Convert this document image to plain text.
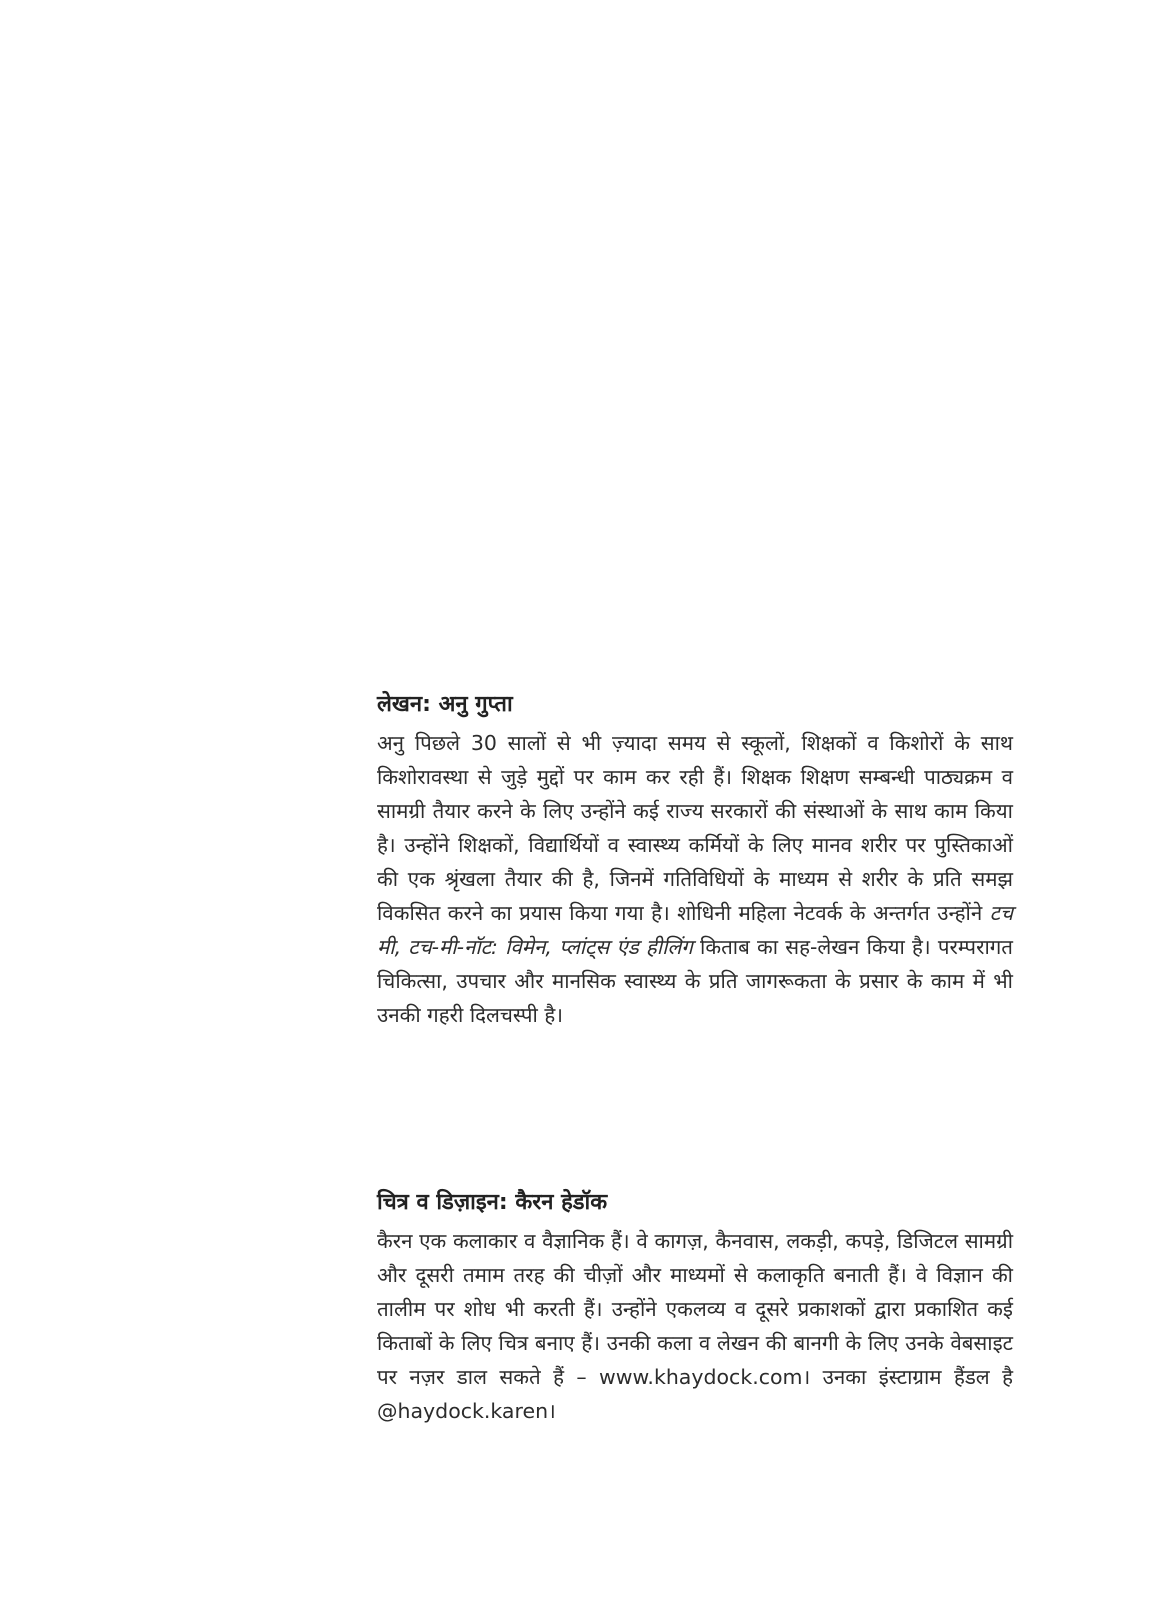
लेखन: अनु गुप्ता

अनु पिछले 30 सालों से भी ज़्यादा समय से स्कूलों, शिक्षकों व किशोरों के साथ किशोरावस्था से जुड़े मुद्दों पर काम कर रही हैं। शिक्षक शिक्षण सम्बन्धी पाठ्यक्रम व सामग्री तैयार करने के लिए उन्होंने कई राज्य सरकारों की संस्थाओं के साथ काम किया है। उन्होंने शिक्षकों, विद्यार्थियों व स्वास्थ्य कर्मियों के लिए मानव शरीर पर पुस्तिकाओं की एक श्रृंखला तैयार की है, जिनमें गतिविधियों के माध्यम से शरीर के प्रति समझ विकसित करने का प्रयास किया गया है। शोधिनी महिला नेटवर्क के अन्तर्गत उन्होंने टच मी, टच-मी-नॉट: विमेन, प्लांट्स एंड हीलिंग किताब का सह-लेखन किया है। परम्परागत चिकित्सा, उपचार और मानसिक स्वास्थ्य के प्रति जागरूकता के प्रसार के काम में भी उनकी गहरी दिलचस्पी है।

चित्र व डिज़ाइन: कैरन हेडॉक

कैरन एक कलाकार व वैज्ञानिक हैं। वे कागज़, कैनवास, लकड़ी, कपड़े, डिजिटल सामग्री और दूसरी तमाम तरह की चीज़ों और माध्यमों से कलाकृति बनाती हैं। वे विज्ञान की तालीम पर शोध भी करती हैं। उन्होंने एकलव्य व दूसरे प्रकाशकों द्वारा प्रकाशित कई किताबों के लिए चित्र बनाए हैं। उनकी कला व लेखन की बानगी के लिए उनके वेबसाइट पर नज़र डाल सकते हैं – www.khaydock.com। उनका इंस्टाग्राम हैंडल है @haydock.karen।
